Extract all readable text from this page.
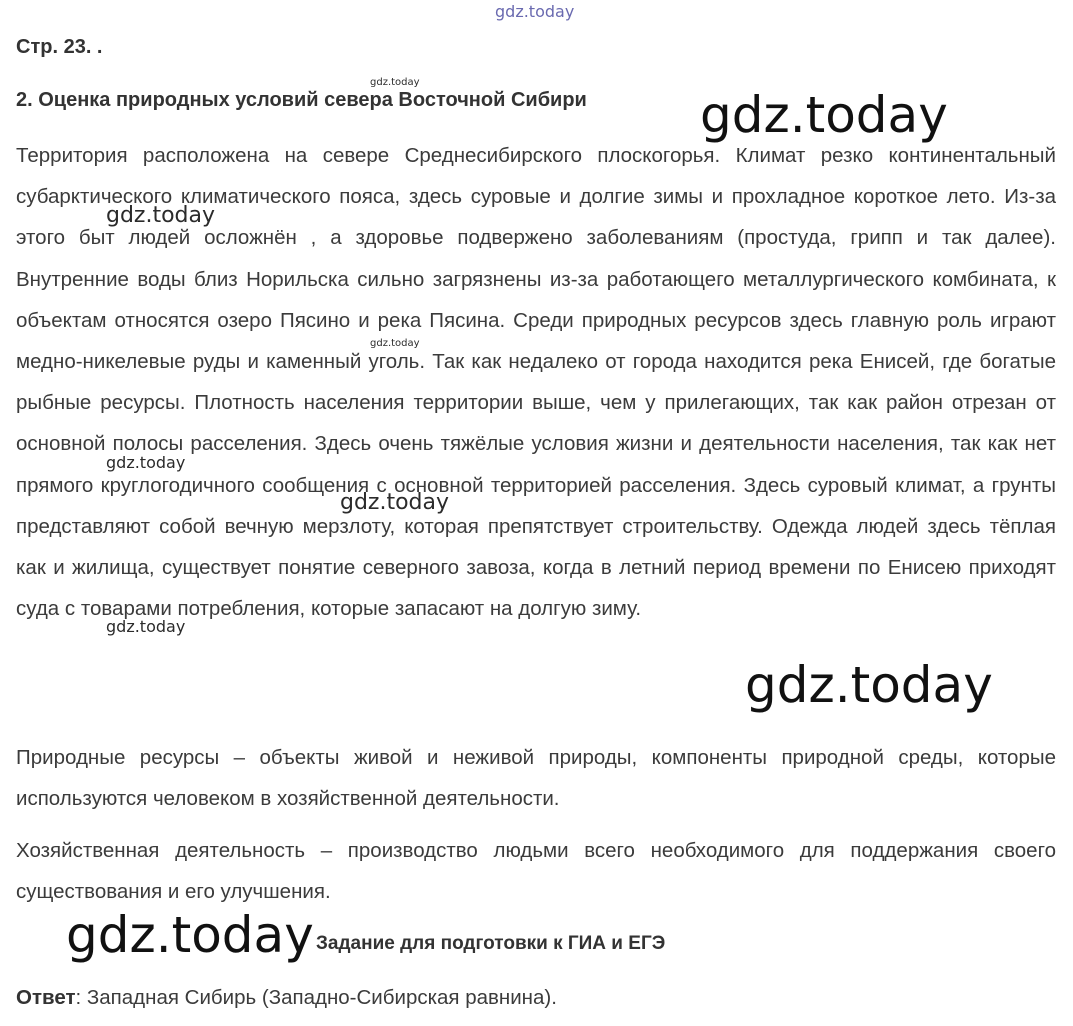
gdz.today
Стр. 23. .
2. Оценка природных условий севера Восточной Сибири
Территория расположена на севере Среднесибирского плоскогорья. Климат резко континентальный субарктического климатического пояса, здесь суровые и долгие зимы и прохладное короткое лето. Из-за этого быт людей осложнён , а здоровье подвержено заболеваниям (простуда, грипп и так далее). Внутренние воды близ Норильска сильно загрязнены из-за работающего металлургического комбината, к объектам относятся озеро Пясино и река Пясина. Среди природных ресурсов здесь главную роль играют медно-никелевые руды и каменный уголь. Так как недалеко от города находится река Енисей, где богатые рыбные ресурсы. Плотность населения территории выше, чем у прилегающих, так как район отрезан от основной полосы расселения. Здесь очень тяжёлые условия жизни и деятельности населения, так как нет прямого круглогодичного сообщения с основной территорией расселения. Здесь суровый климат, а грунты представляют собой вечную мерзлоту, которая препятствует строительству. Одежда людей здесь тёплая как и жилища, существует понятие северного завоза, когда в летний период времени по Енисею приходят суда с товарами потребления, которые запасают на долгую зиму.
Природные ресурсы – объекты живой и неживой природы, компоненты природной среды, которые используются человеком в хозяйственной деятельности.
Хозяйственная деятельность – производство людьми всего необходимого для поддержания своего существования и его улучшения.
Задание для подготовки к ГИА и ЕГЭ
Ответ: Западная Сибирь (Западно-Сибирская равнина).
gdz.today
gdz.today
gdz.today
gdz.today
gdz.today
gdz.today
gdz.today
gdz.today
gdz.today
